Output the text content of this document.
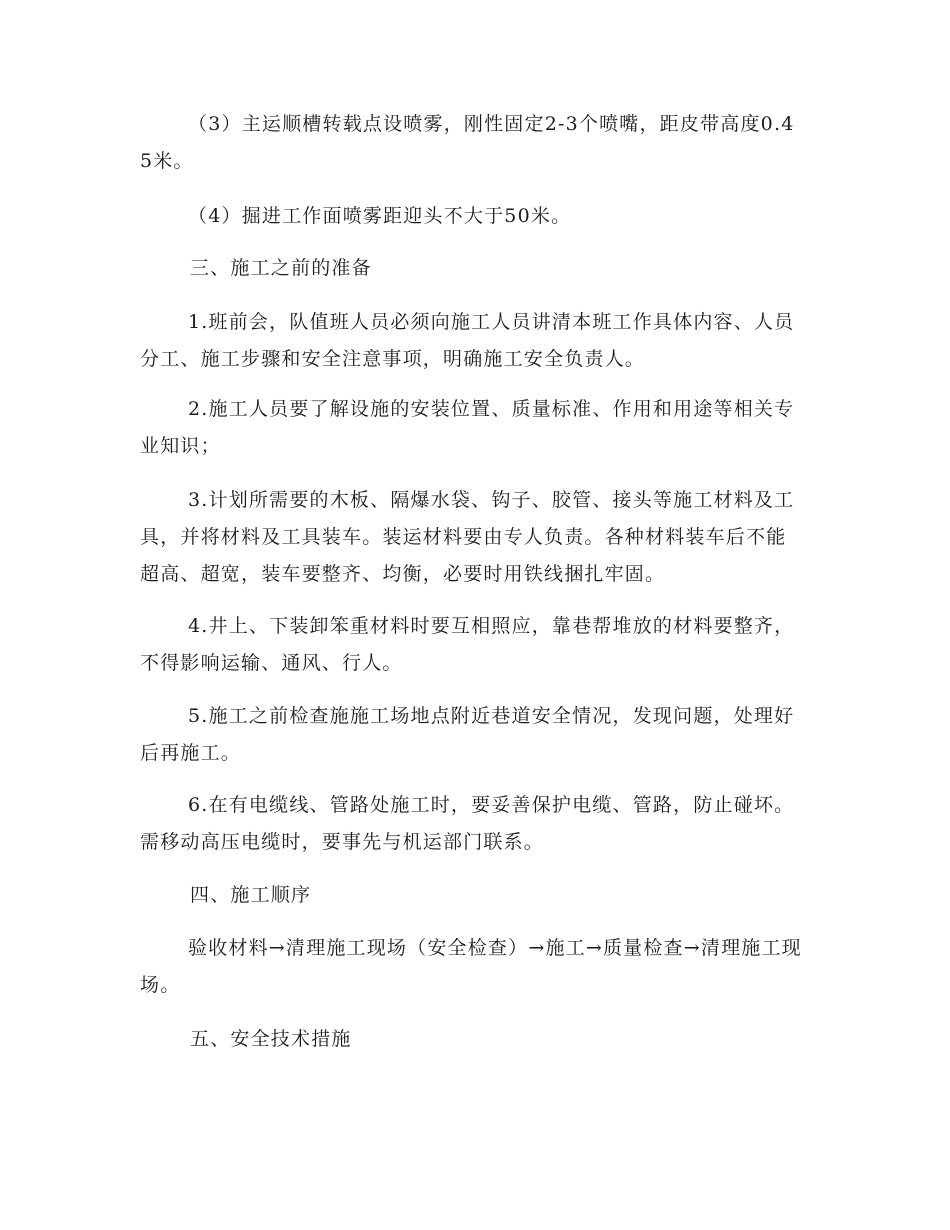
（3）主运顺槽转载点设喷雾，刚性固定2-3个喷嘴，距皮带高度0.45米。

（4）掘进工作面喷雾距迎头不大于50米。

三、施工之前的准备

1.班前会，队值班人员必须向施工人员讲清本班工作具体内容、人员分工、施工步骤和安全注意事项，明确施工安全负责人。

2.施工人员要了解设施的安装位置、质量标准、作用和用途等相关专业知识；

3.计划所需要的木板、隔爆水袋、钩子、胶管、接头等施工材料及工具，并将材料及工具装车。装运材料要由专人负责。各种材料装车后不能超高、超宽，装车要整齐、均衡，必要时用铁线捆扎牢固。

4.井上、下装卸笨重材料时要互相照应，靠巷帮堆放的材料要整齐，不得影响运输、通风、行人。

5.施工之前检查施施工场地点附近巷道安全情况，发现问题，处理好后再施工。

6.在有电缆线、管路处施工时，要妥善保护电缆、管路，防止碰坏。需移动高压电缆时，要事先与机运部门联系。

四、施工顺序

验收材料→清理施工现场（安全检查）→施工→质量检查→清理施工现场。

五、安全技术措施
